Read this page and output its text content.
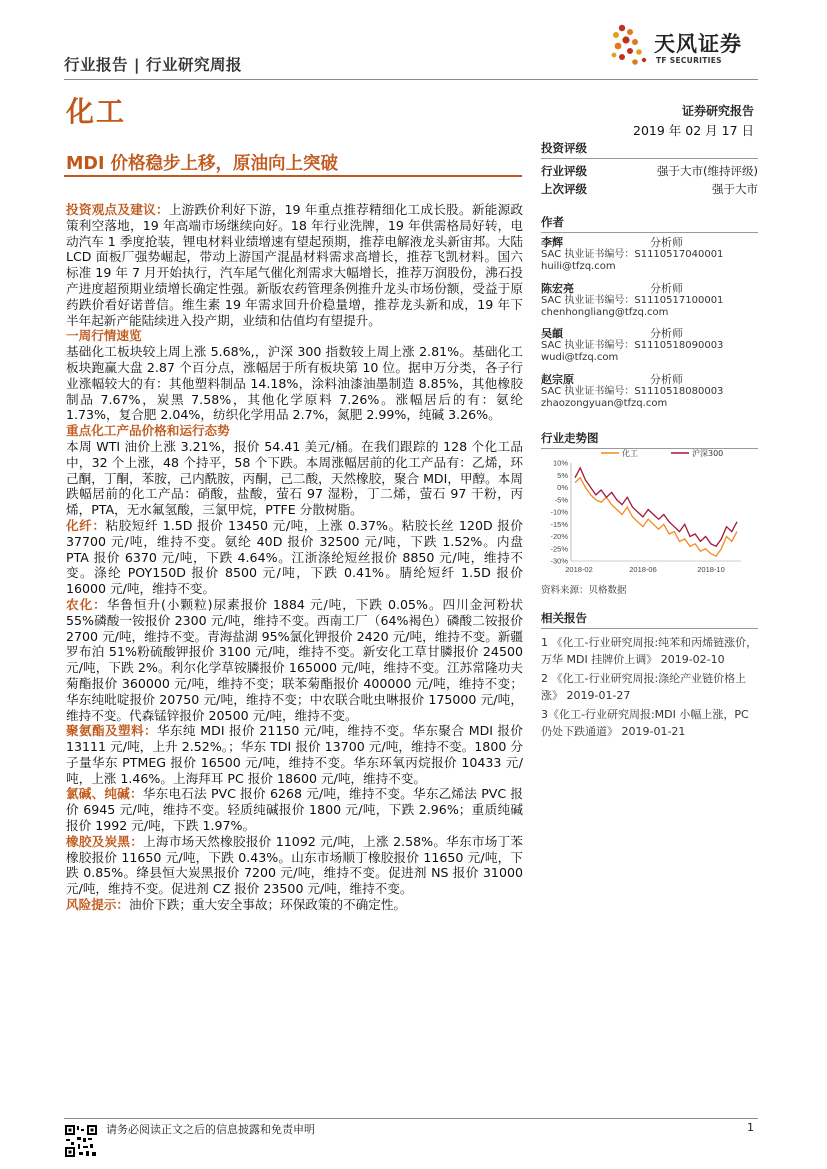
行业报告 | 行业研究周报
天风证券
TF SECURITIES
化工	证券研究报告
2019 年 02 月 17 日
MDI 价格稳步上移，原油向上突破

投资观点及建议：上游跌价利好下游，19 年重点推荐精细化工成长股。新能源政策利空落地，19 年高端市场继续向好。18 年行业洗牌，19 年供需格局好转，电动汽车 1 季度抢装，锂电材料业绩增速有望起预期，推荐电解液龙头新宙邦。大陆 LCD 面板厂强势崛起，带动上游国产混晶材料需求高增长，推荐飞凯材料。国六标准 19 年 7 月开始执行，汽车尾气催化剂需求大幅增长，推荐万润股份，沸石投产进度超预期业绩增长确定性强。新版农药管理条例推升龙头市场份额，受益于原药跌价看好诺普信。维生素 19 年需求回升价稳量增，推荐龙头新和成，19 年下半年起新产能陆续进入投产期，业绩和估值均有望提升。

一周行情速览

基础化工板块较上周上涨 5.68%,，沪深 300 指数较上周上涨 2.81%。基础化工板块跑赢大盘 2.87 个百分点，涨幅居于所有板块第 10 位。据申万分类，各子行业涨幅较大的有：其他塑料制品 14.18%，涂料油漆油墨制造 8.85%，其他橡胶制品 7.67%，炭黑 7.58%，其他化学原料 7.26%。涨幅居后的有：氨纶 1.73%，复合肥 2.04%，纺织化学用品 2.7%，氮肥 2.99%，纯碱 3.26%。

重点化工产品价格和运行态势

本周 WTI 油价上涨 3.21%，报价 54.41 美元/桶。在我们跟踪的 128 个化工品中，32 个上涨，48 个持平，58 个下跌。本周涨幅居前的化工产品有：乙烯，环己酮，丁酮，苯胺，己内酰胺，丙酮，己二酸，天然橡胶，聚合 MDI，甲醇。本周跌幅居前的化工产品：硝酸，盐酸，萤石 97 湿粉，丁二烯，萤石 97 干粉，丙烯，PTA，无水氟氢酸，三氯甲烷，PTFE 分散树脂。

化纤：粘胶短纤 1.5D 报价 13450 元/吨，上涨 0.37%。粘胶长丝 120D 报价 37700 元/吨，维持不变。氨纶 40D 报价 32500 元/吨，下跌 1.52%。内盘 PTA 报价 6370 元/吨，下跌 4.64%。江浙涤纶短丝报价 8850 元/吨，维持不变。涤纶 POY150D 报价 8500 元/吨，下跌 0.41%。腈纶短纤 1.5D 报价 16000 元/吨，维持不变。

农化：华鲁恒升(小颗粒)尿素报价 1884 元/吨，下跌 0.05%。四川金河粉状 55%磷酸一铵报价 2300 元/吨，维持不变。西南工厂（64%褐色）磷酸二铵报价 2700 元/吨，维持不变。青海盐湖 95%氯化钾报价 2420 元/吨，维持不变。新疆罗布泊 51%粉硫酸钾报价 3100 元/吨，维持不变。新安化工草甘膦报价 24500 元/吨，下跌 2%。利尔化学草铵膦报价 165000 元/吨，维持不变。江苏常隆功夫菊酯报价 360000 元/吨，维持不变；联苯菊酯报价 400000 元/吨，维持不变；华东纯吡啶报价 20750 元/吨，维持不变；中农联合吡虫啉报价 175000 元/吨，维持不变。代森锰锌报价 20500 元/吨，维持不变。

聚氨酯及塑料：华东纯 MDI 报价 21150 元/吨，维持不变。华东聚合 MDI 报价 13111 元/吨，上升 2.52%。；华东 TDI 报价 13700 元/吨，维持不变。1800 分子量华东 PTMEG 报价 16500 元/吨，维持不变。华东环氧丙烷报价 10433 元/吨，上涨 1.46%。上海拜耳 PC 报价 18600 元/吨，维持不变。

氯碱、纯碱：华东电石法 PVC 报价 6268 元/吨，维持不变。华东乙烯法 PVC 报价 6945 元/吨，维持不变。轻质纯碱报价 1800 元/吨，下跌 2.96%；重质纯碱报价 1992 元/吨，下跌 1.97%。

橡胶及炭黑：上海市场天然橡胶报价 11092 元/吨，上涨 2.58%。华东市场丁苯橡胶报价 11650 元/吨，下跌 0.43%。山东市场顺丁橡胶报价 11650 元/吨，下跌 0.85%。绛县恒大炭黑报价 7200 元/吨，维持不变。促进剂 NS 报价 31000 元/吨，维持不变。促进剂 CZ 报价 23500 元/吨，维持不变。

风险提示：油价下跌；重大安全事故；环保政策的不确定性。

投资评级
行业评级	强于大市(维持评级)
上次评级	强于大市
作者
李辉	分析师
SAC 执业证书编号：S1110517040001
huili@tfzq.com
陈宏亮	分析师
SAC 执业证书编号：S1110517100001
chenhongliang@tfzq.com
吴頔	分析师
SAC 执业证书编号：S1110518090003
wudi@tfzq.com
赵宗原	分析师
SAC 执业证书编号：S1110518080003
zhaozongyuan@tfzq.com
行业走势图
10%
5%
0%
-5%
-10%
-15%
-20%
-25%
-30%
2018-02	2018-06	2018-10
化工	沪深300
资料来源：贝格数据
相关报告
1 《化工-行业研究周报:纯苯和丙烯链涨价，万华 MDI 挂牌价上调》 2019-02-10
2 《化工-行业研究周报:涤纶产业链价格上涨》 2019-01-27
3《化工-行业研究周报:MDI 小幅上涨，PC 仍处下跌通道》 2019-01-21
请务必阅读正文之后的信息披露和免责申明	1
